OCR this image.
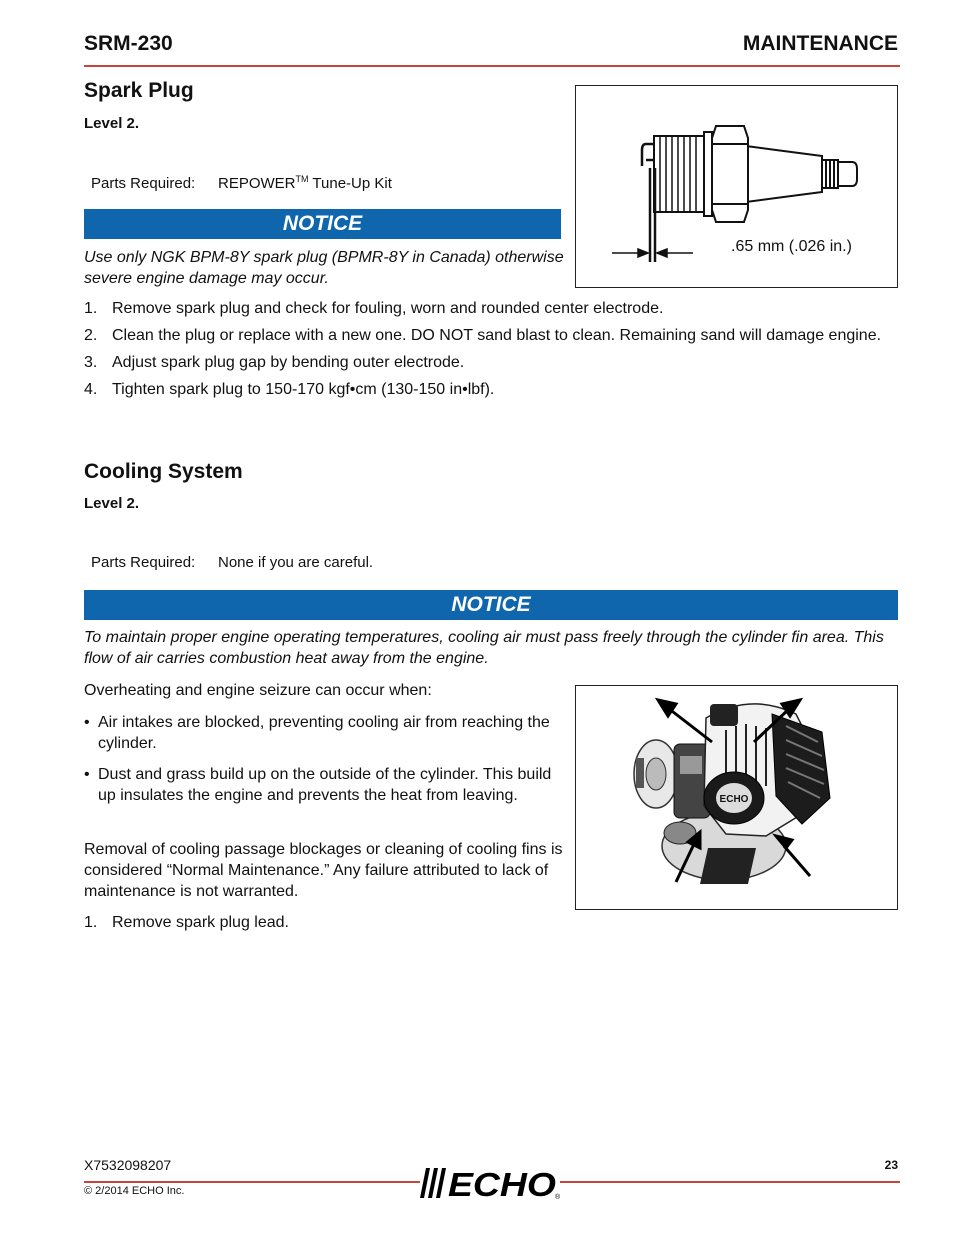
SRM-230	MAINTENANCE
Spark Plug
Level 2.
Parts Required: REPOWER™ Tune-Up Kit
NOTICE
Use only NGK BPM-8Y spark plug (BPMR-8Y in Canada) otherwise severe engine damage may occur.
.65 mm (.026 in.)
1. Remove spark plug and check for fouling, worn and rounded center electrode.
2. Clean the plug or replace with a new one. DO NOT sand blast to clean. Remaining sand will damage engine.
3. Adjust spark plug gap by bending outer electrode.
4. Tighten spark plug to 150-170 kgf•cm (130-150 in•lbf).
Cooling System
Level 2.
Parts Required: None if you are careful.
NOTICE
To maintain proper engine operating temperatures, cooling air must pass freely through the cylinder fin area. This flow of air carries combustion heat away from the engine.
Overheating and engine seizure can occur when:
• Air intakes are blocked, preventing cooling air from reaching the cylinder.
• Dust and grass build up on the outside of the cylinder. This build up insulates the engine and prevents the heat from leaving.
Removal of cooling passage blockages or cleaning of cooling fins is considered “Normal Maintenance.” Any failure attributed to lack of maintenance is not warranted.
1. Remove spark plug lead.
ECHO
X7532098207	23
ECHO
®
© 2/2014 ECHO Inc.
